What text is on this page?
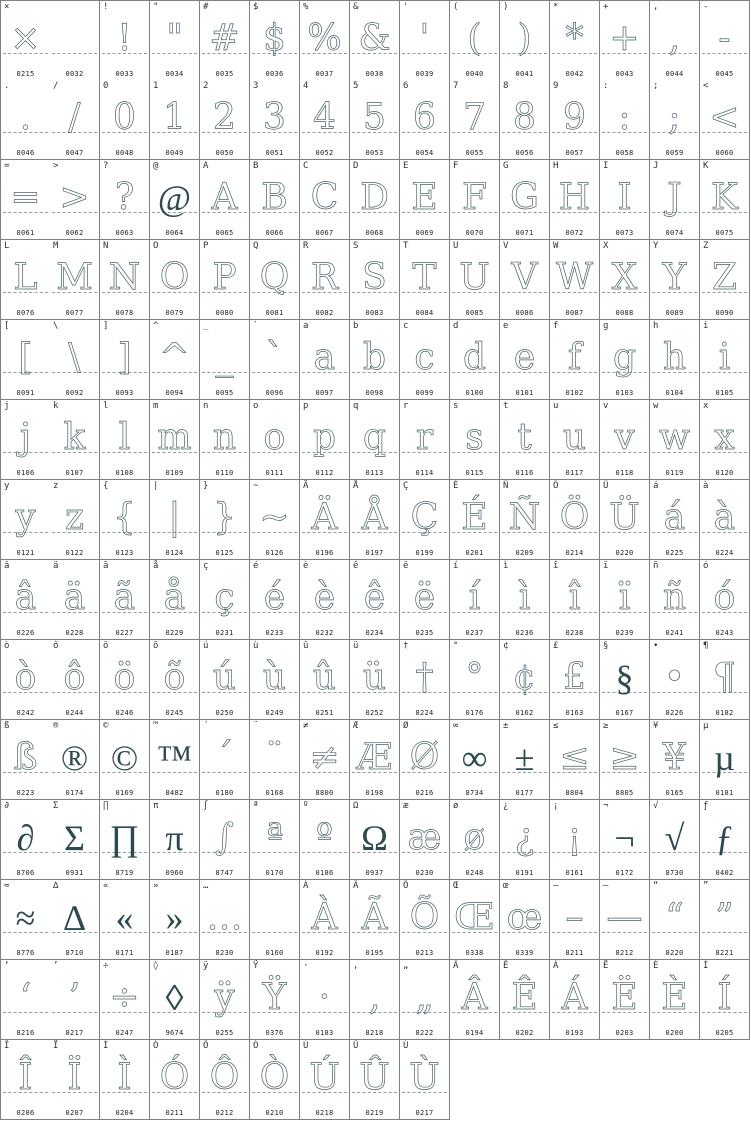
×
×
0215	0032
!
!
0033
"
"
0034
#
#
0035
$
$
0036
%
%
0037
&
&
0038
'
'
0039
(
(
0040
)
)
0041
*
*
0042
+
+
0043
,
,
0044
-
-
0045
.
.
0046
/
/
0047
0
0
0048
1
1
0049
2
2
0050
3
3
0051
4
4
0052
5
5
0053
6
6
0054
7
7
0055
8
8
0056
9
9
0057
:
:
0058
;
;
0059
<
<
0060
=
=
0061
>
>
0062
?
?
0063
@
@
0064
A
A
0065
B
B
0066
C
C
0067
D
D
0068
E
E
0069
F
F
0070
G
G
0071
H
H
0072
I
I
0073
J
J
0074
K
K
0075
L
L
0076
M
M
0077
N
N
0078
O
O
0079
P
P
0080
Q
Q
0081
R
R
0082
S
S
0083
T
T
0084
U
U
0085
V
V
0086
W
W
0087
X
X
0088
Y
Y
0089
Z
Z
0090
[
[
0091
\
\
0092
]
]
0093
^
^
0094
_
_
0095
`
`
0096
a
a
0097
b
b
0098
c
c
0099
d
d
0100
e
e
0101
f
f
0102
g
g
0103
h
h
0104
i
i
0105
j
j
0106
k
k
0107
l
l
0108
m
m
0109
n
n
0110
o
o
0111
p
p
0112
q
q
0113
r
r
0114
s
s
0115
t
t
0116
u
u
0117
v
v
0118
w
w
0119
x
x
0120
y
y
0121
z
z
0122
{
{
0123
|
|
0124
}
}
0125
~
~
0126
Ä
Ä
0196
Å
Å
0197
Ç
Ç
0199
É
É
0201
Ñ
Ñ
0209
Ö
Ö
0214
Ü
Ü
0220
á
á
0225
à
à
0224
â
â
0226
ä
ä
0228
ã
ã
0227
å
å
0229
ç
ç
0231
é
é
0233
è
è
0232
ê
ê
0234
ë
ë
0235
í
í
0237
ì
ì
0236
î
î
0238
ï
ï
0239
ñ
ñ
0241
ó
ó
0243
ò
ò
0242
ô
ô
0244
ö
ö
0246
õ
õ
0245
ú
ú
0250
ù
ù
0249
û
û
0251
ü
ü
0252
†
†
8224
°
°
0176
¢
¢
0162
£
£
0163
§
§
0167
•
•
8226
¶
¶
0182
ß
ß
0223
®
®
0174
©
©
0169
™
™
8482
´
´
0180
¨
¨
0168
≠
≠
8800
Æ
Æ
0198
Ø
Ø
0216
∞
∞
8734
±
±
0177
≤
≤
8804
≥
≥
8805
¥
¥
0165
µ
µ
0181
∂
∂
8706
Σ
Σ
0931
∏
∏
8719
π
π
0960
∫
∫
8747
ª
ª
0170
º
º
0186
Ω
Ω
0937
æ
æ
0230
ø
ø
0248
¿
¿
0191
¡
¡
0161
¬
¬
0172
√
√
8730
ƒ
ƒ
0402
≈
≈
8776
∆
∆
8710
«
«
0171
»
»
0187
…
…
8230	0160
À
À
0192
Ã
Ã
0195
Õ
Õ
0213
Œ
Œ
0338
œ
œ
0339
–
–
8211
—
—
8212
“
“
8220
”
”
8221
‘
‘
8216
’
’
8217
÷
÷
0247
◊
◊
9674
ÿ
ÿ
0255
Ÿ
Ÿ
0376
·
·
0183
‚
‚
8218
„
„
8222
Â
Â
0194
Ê
Ê
0202
Á
Á
0193
Ë
Ë
0203
È
È
0200
Í
Í
0205
Î
Î
0206
Ï
Ï
0207
Ì
Ì
0204
Ó
Ó
0211
Ô
Ô
0212
Ò
Ò
0210
Ú
Ú
0218
Û
Û
0219
Ù
Ù
0217
